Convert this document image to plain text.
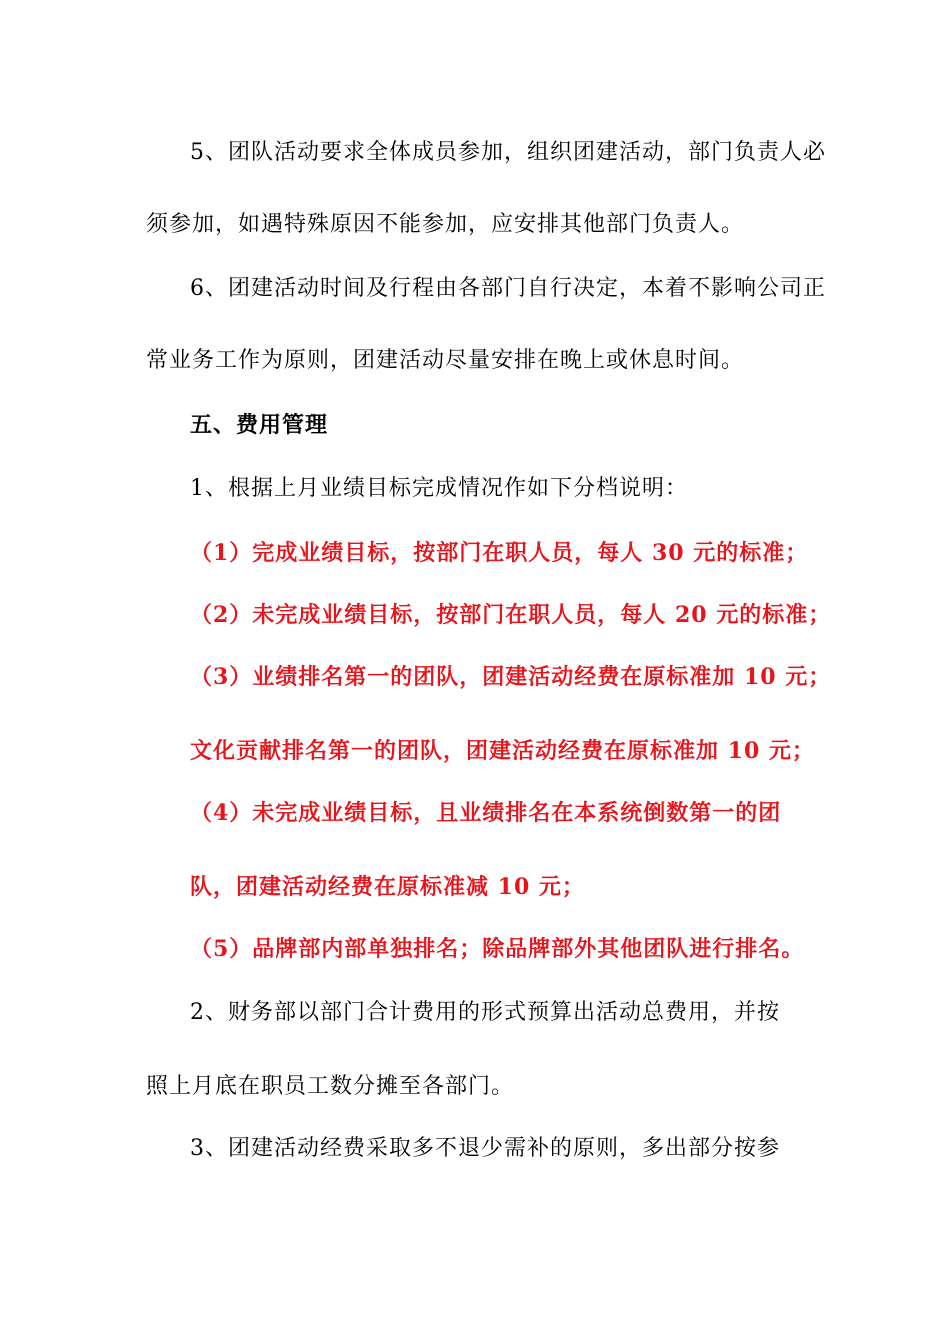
5、团队活动要求全体成员参加，组织团建活动，部门负责人必
须参加，如遇特殊原因不能参加，应安排其他部门负责人。
6、团建活动时间及行程由各部门自行决定，本着不影响公司正
常业务工作为原则，团建活动尽量安排在晚上或休息时间。
五、费用管理
1、根据上月业绩目标完成情况作如下分档说明：
（1）完成业绩目标，按部门在职人员，每人 30 元的标准；
（2）未完成业绩目标，按部门在职人员，每人 20 元的标准；
（3）业绩排名第一的团队，团建活动经费在原标准加 10 元；
文化贡献排名第一的团队，团建活动经费在原标准加 10 元；
（4）未完成业绩目标，且业绩排名在本系统倒数第一的团
队，团建活动经费在原标准减 10 元；
（5）品牌部内部单独排名；除品牌部外其他团队进行排名。
2、财务部以部门合计费用的形式预算出活动总费用，并按
照上月底在职员工数分摊至各部门。
3、团建活动经费采取多不退少需补的原则，多出部分按参
